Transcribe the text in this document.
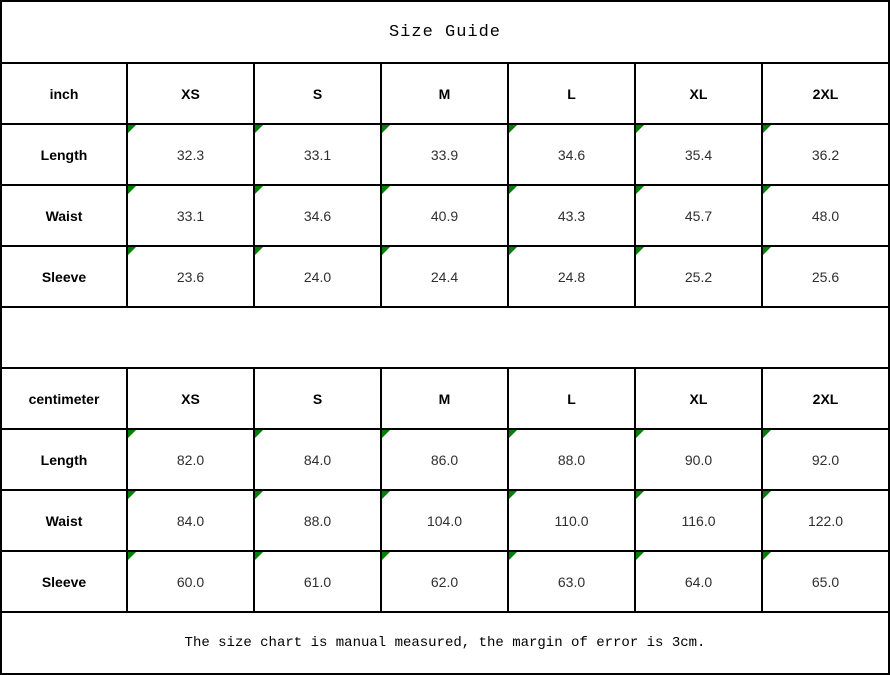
Size Guide						
inch	XS	S	M	L	XL	2XL
Length	32.3	33.1	33.9	34.6	35.4	36.2
Waist	33.1	34.6	40.9	43.3	45.7	48.0
Sleeve	23.6	24.0	24.4	24.8	25.2	25.6

centimeter	XS	S	M	L	XL	2XL
Length	82.0	84.0	86.0	88.0	90.0	92.0
Waist	84.0	88.0	104.0	110.0	116.0	122.0
Sleeve	60.0	61.0	62.0	63.0	64.0	65.0
The size chart is manual measured, the margin of error is 3cm.						
